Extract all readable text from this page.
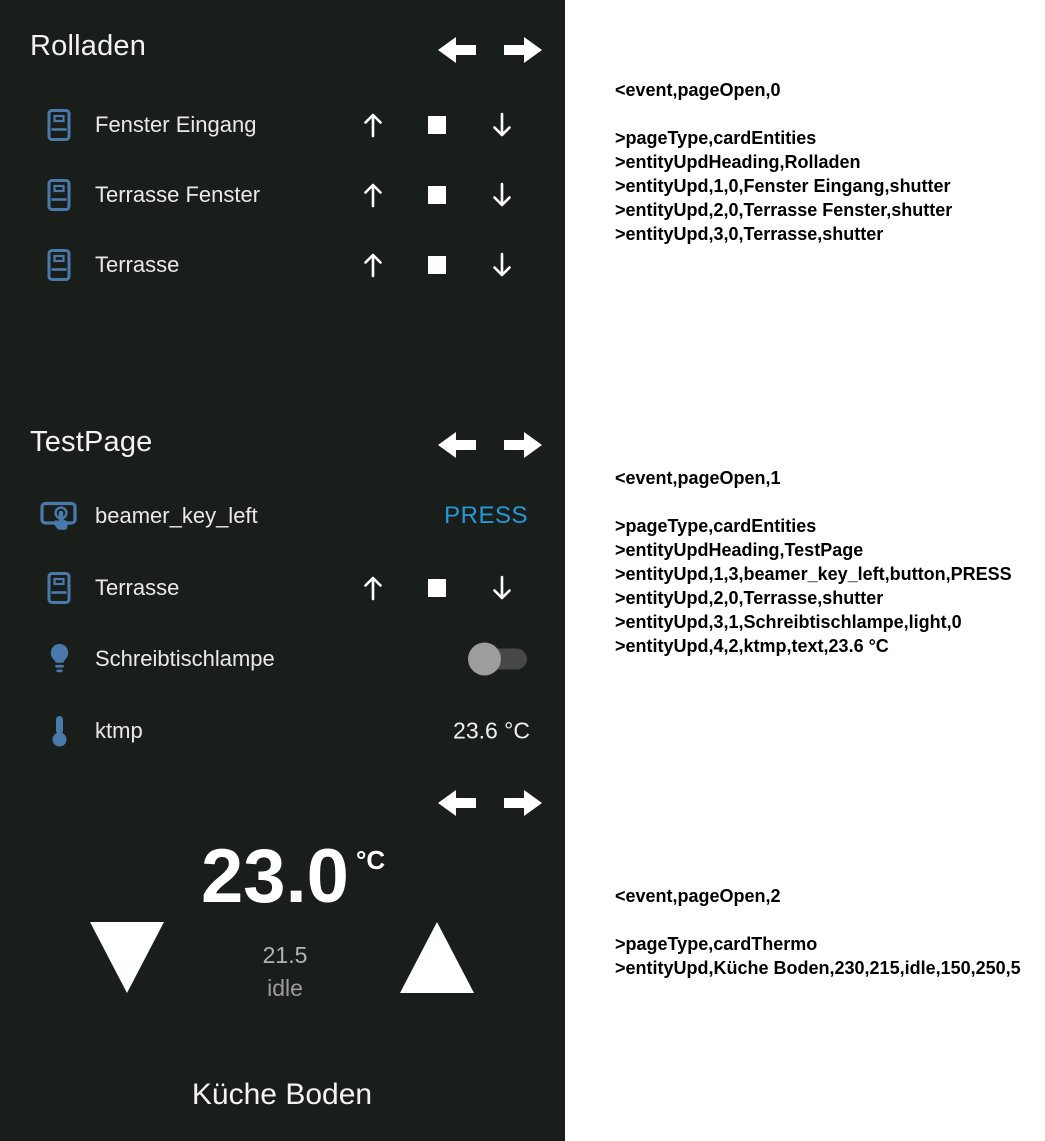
Rolladen
Fenster Eingang
Terrasse Fenster
Terrasse
TestPage
beamer_key_left	PRESS
Terrasse
Schreibtischlampe
ktmp	23.6 °C
23.0 °C
21.5
idle
Küche Boden
<event,pageOpen,0

>pageType,cardEntities
>entityUpdHeading,Rolladen
>entityUpd,1,0,Fenster Eingang,shutter
>entityUpd,2,0,Terrasse Fenster,shutter
>entityUpd,3,0,Terrasse,shutter
<event,pageOpen,1

>pageType,cardEntities
>entityUpdHeading,TestPage
>entityUpd,1,3,beamer_key_left,button,PRESS
>entityUpd,2,0,Terrasse,shutter
>entityUpd,3,1,Schreibtischlampe,light,0
>entityUpd,4,2,ktmp,text,23.6 °C
<event,pageOpen,2

>pageType,cardThermo
>entityUpd,Küche Boden,230,215,idle,150,250,5
